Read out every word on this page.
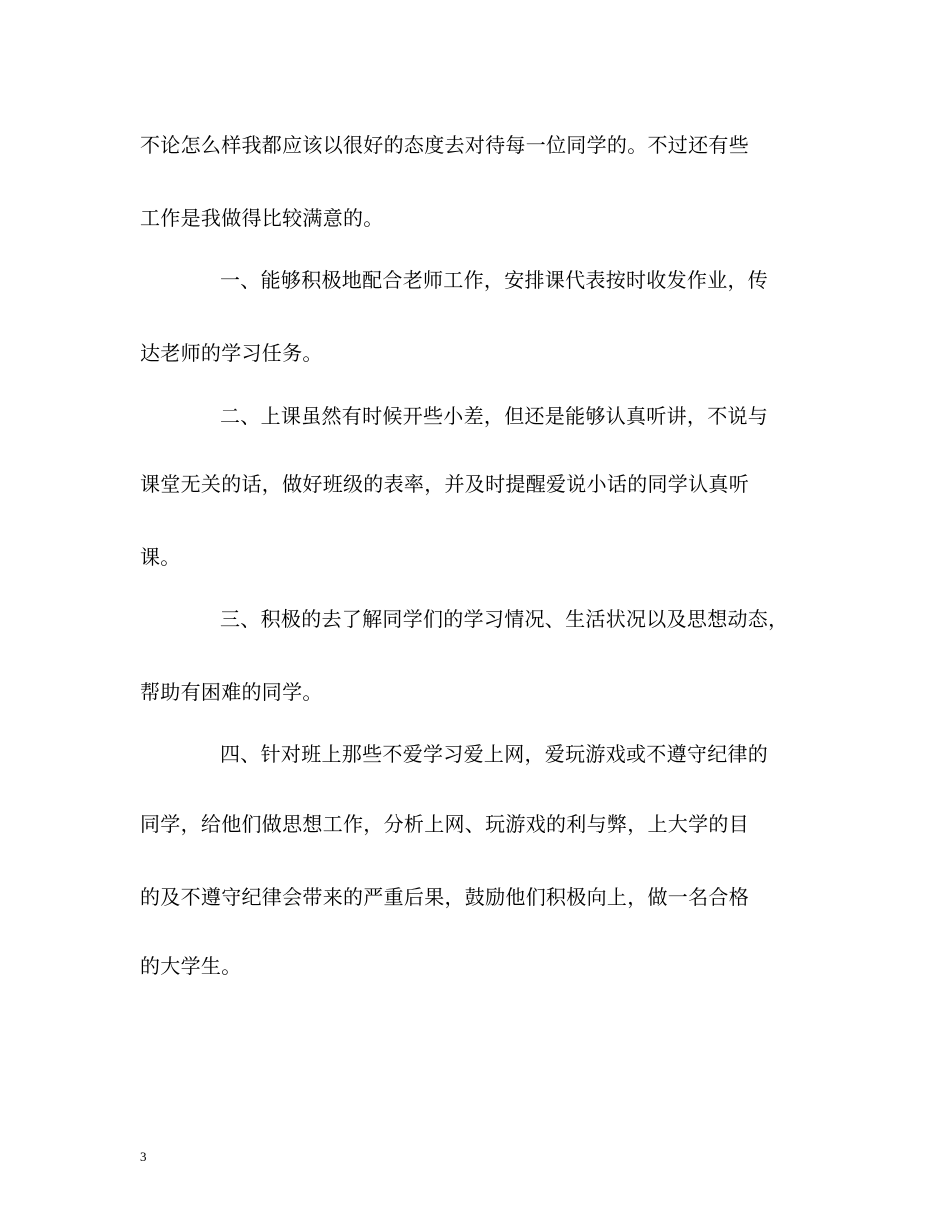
不论怎么样我都应该以很好的态度去对待每一位同学的。不过还有些
工作是我做得比较满意的。
一、能够积极地配合老师工作，安排课代表按时收发作业，传
达老师的学习任务。
二、上课虽然有时候开些小差，但还是能够认真听讲，不说与
课堂无关的话，做好班级的表率，并及时提醒爱说小话的同学认真听
课。
三、积极的去了解同学们的学习情况、生活状况以及思想动态，
帮助有困难的同学。
四、针对班上那些不爱学习爱上网，爱玩游戏或不遵守纪律的
同学，给他们做思想工作，分析上网、玩游戏的利与弊，上大学的目
的及不遵守纪律会带来的严重后果，鼓励他们积极向上，做一名合格
的大学生。
3
